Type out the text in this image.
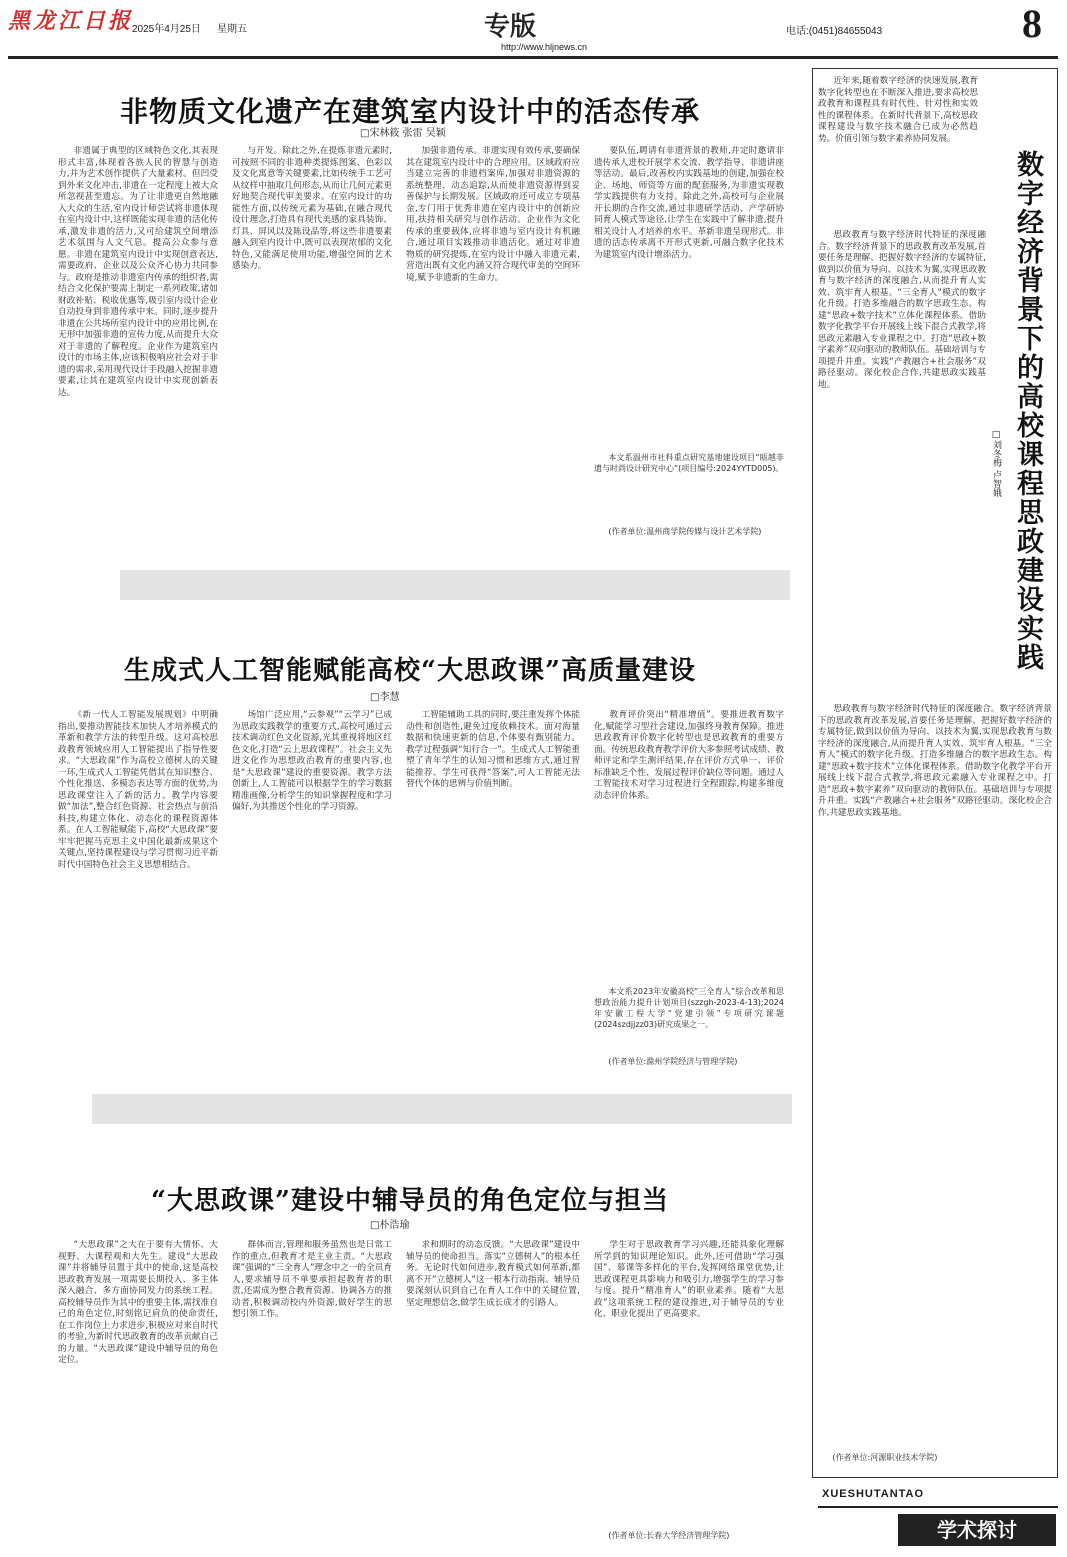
黑龙江日报
2025年4月25日 星期五	专版
http://www.hljnews.cn
电话:(0451)84655043	8
非物质文化遗产在建筑室内设计中的活态传承
□宋林筱 张雷 吴颖

非遗属于典型的区域特色文化,其表现形式丰富,体现着各族人民的智慧与创造力,并为艺术创作提供了大量素材。但凹受到外来文化冲击,非遗在一定程度上被大众所忽视甚至遗忘。为了让非遗更自然地融入大众的生活,室内设计师尝试将非遗体现在室内设计中,这样既能实现非遗的活化传承,激发非遗的活力,又可给建筑空间增添艺术氛围与人文气息。提高公众参与意愿。非遗在建筑室内设计中实现创意表达,需要政府、企业以及公众齐心协力共同参与。政府是推动非遗室内传承的组织者,需结合文化保护要需上制定一系列政策,诸如财政补贴、税收优惠等,吸引室内设计企业自动投身到非遗传承中来。同时,逐步提升非遗在公共场所室内设计中的应用比例,在无形中加强非遗的宣传力度,从而提升大众对于非遗的了解程度。企业作为建筑室内设计的市场主体,应该积极响应社会对于非遗的需求,采用现代设计手段融入挖掘非遗要素,让其在建筑室内设计中实现创新表达。

与开发。除此之外,在提炼非遗元素时,可按照不同的非遗种类提炼图案、色彩以及文化寓意等关键要素,比如传统手工艺可从纹样中抽取几何形态,从而让几何元素更好地契合现代审美要求。在室内设计的功能性方面,以传统元素为基础,在融合现代设计理念,打造具有现代美感的家具装饰、灯具、屏风以及陈设品等,将这些非遗要素融入到室内设计中,既可以表现浓郁的文化特色,又能满足使用功能,增强空间的艺术感染力。

加强非遗传承。非遗实现有效传承,要确保其在建筑室内设计中的合理应用。区域政府应当建立完善的非遗档案库,加强对非遗资源的系统整理、动态追踪,从而使非遗资源得到妥善保护与长期发展。区域政府还可成立专项基金,专门用于优秀非遗在室内设计中的创新应用,扶持相关研究与创作活动。企业作为文化传承的重要载体,应将非遗与室内设计有机融合,通过项目实践推动非遗活化。通过对非遗物质的研究提炼,在室内设计中融入非遗元素,营造出既有文化内涵又符合现代审美的空间环境,赋予非遗新的生命力。

要队伍,聘请有非遗背景的教师,并定时邀请非遗传承人进校开展学术交流、教学指导、非遗讲座等活动。最后,改善校内实践基地的创建,加强在校企、场地、师资等方面的配套服务,为非遗实现教学实践提供有力支持。除此之外,高校可与企业展开长期的合作交流,通过非遗研学活动、产学研协同育人模式等途径,让学生在实践中了解非遗,提升相关设计人才培养的水平。革新非遗呈现形式。非遗的活态传承离不开形式更新,可融合数字化技术为建筑室内设计增添活力。

本文系温州市社科重点研究基地建设项目“瓯越非遗与时尚设计研究中心”(项目编号:2024YYTD005)。

(作者单位:温州商学院传媒与设计艺术学院)

生成式人工智能赋能高校“大思政课”高质量建设
□李慧

《新一代人工智能发展规划》中明确指出,要推动智能技术加快人才培养模式的革新和教学方法的转型升级。这对高校思政教育领域应用人工智能提出了指导性要求。“大思政课”作为高校立德树人的关键一环,生成式人工智能凭借其在知识整合、个性化推送、多模态表达等方面的优势,为思政课堂注入了新的活力。教学内容要做“加法”,整合红色资源、社会热点与前沿科技,构建立体化、动态化的课程资源体系。在人工智能赋能下,高校“大思政课”要牢牢把握马克思主义中国化最新成果这个关键点,坚持课程建设与学习贯彻习近平新时代中国特色社会主义思想相结合。

场馆广泛应用,“云参观”“云学习”已成为思政实践教学的重要方式,高校可通过云技术调动红色文化资源,光其重视将地区红色文化,打造“云上思政课程”。社会主义先进文化作为思想政治教育的重要内容,也是“大思政课”建设的重要资源。教学方法创新上,人工智能可以根据学生的学习数据精准画像,分析学生的知识掌握程度和学习偏好,为其推送个性化的学习资源。

工智能辅助工具的同时,要注重发挥个体能动性和创造性,避免过度依赖技术。面对海量数据和快速更新的信息,个体要有甄别能力。教学过程强调“知行合一”。生成式人工智能重塑了青年学生的认知习惯和思维方式,通过智能推荐、学生可获得“答案”,可人工智能无法替代个体的思辨与价值判断。

教育评价突出“精准增值”。要推进教育数字化,赋能学习型社会建设,加强终身教育保障。推进思政教育评价数字化转型也是思政教育的重要方面。传统思政教育教学评价大多参照考试成绩、教师评定和学生测评结果,存在评价方式单一、评价标准缺乏个性、发展过程评价缺位等问题。通过人工智能技术对学习过程进行全程跟踪,构建多维度动态评价体系。

本文系2023年安徽高校“三全育人”综合改革和思想政治能力提升计划项目(szzgh-2023-4-13);2024年安徽工程大学“党建引领”专项研究课题(2024szdjjzz03)研究成果之一。

(作者单位:滁州学院经济与管理学院)

“大思政课”建设中辅导员的角色定位与担当
□朴浩瑜

“大思政课”之大在于要有大情怀、大视野、大课程观和大先生。建设“大思政课”并将辅导员置于其中的使命,这是高校思政教育发展一项需要长期投入、多主体深入融合、多方面协同发力的系统工程。高校辅导员作为其中的重要主体,需找准自己的角色定位,时刻铭记肩负的使命责任,在工作岗位上力求进步,积极应对来自时代的考验,为新时代思政教育的改革贡献自己的力量。“大思政课”建设中辅导员的角色定位。

群体而言,管理和服务虽然也是日常工作的重点,但教育才是主业主责。“大思政课”强调的“三全育人”理念中之一的全员育人,要求辅导员不单要承担起教育者的职责,还需成为整合教育资源、协调各方的推动者,积极调动校内外资源,做好学生的思想引领工作。

求和期时的动态反馈。“大思政课”建设中辅导员的使命担当。落实“立德树人”的根本任务。无论时代如何进步,教育模式如何革新,都离不开“立德树人”这一根本行动指南。辅导员要深刻认识到自己在育人工作中的关键位置,坚定理想信念,做学生成长成才的引路人。

学生对于思政教育学习兴趣,还能具象化理解所学到的知识理论知识。此外,还可借助“学习强国”、慕课等多样化的平台,发挥网络课堂优势,让思政课程更具影响力和吸引力,增强学生的学习参与度。提升“精准育人”的职业素养。随着“大思政”这项系统工程的建设推进,对于辅导员的专业化、职业化提出了更高要求。

(作者单位:长春大学经济管理学院)

近年来,随着数字经济的快速发展,教育数字化转型也在不断深入推进,要求高校思政教育和课程具有时代性、针对性和实效性的课程体系。在新时代背景下,高校思政课程建设与数字技术融合已成为必然趋势。价值引领与数字素养协同发展。

数字经济背景下的高校课程思政建设实践
□刘冬梅 卢智娥

思政教育与数字经济时代特征的深度融合。数字经济背景下的思政教育改革发展,首要任务是理解、把握好数字经济的专属特征,做到以价值为导向、以技术为翼,实现思政教育与数字经济的深度融合,从而提升育人实效、筑牢育人根基。“三全育人”模式的数字化升级。打造多维融合的数字思政生态。构建“思政+数字技术”立体化课程体系。借助数字化教学平台开展线上线下混合式教学,将思政元素融入专业课程之中。打造“思政+数字素养”双向驱动的教师队伍。基础培训与专项提升并重。实践“产教融合+社会服务”双路径驱动。深化校企合作,共建思政实践基地。

思政教育与数字经济时代特征的深度融合。数字经济背景下的思政教育改革发展,首要任务是理解、把握好数字经济的专属特征,做到以价值为导向、以技术为翼,实现思政教育与数字经济的深度融合,从而提升育人实效、筑牢育人根基。“三全育人”模式的数字化升级。打造多维融合的数字思政生态。构建“思政+数字技术”立体化课程体系。借助数字化教学平台开展线上线下混合式教学,将思政元素融入专业课程之中。打造“思政+数字素养”双向驱动的教师队伍。基础培训与专项提升并重。实践“产教融合+社会服务”双路径驱动。深化校企合作,共建思政实践基地。

(作者单位:河源职业技术学院)

XUESHUTANTAO
学术探讨
